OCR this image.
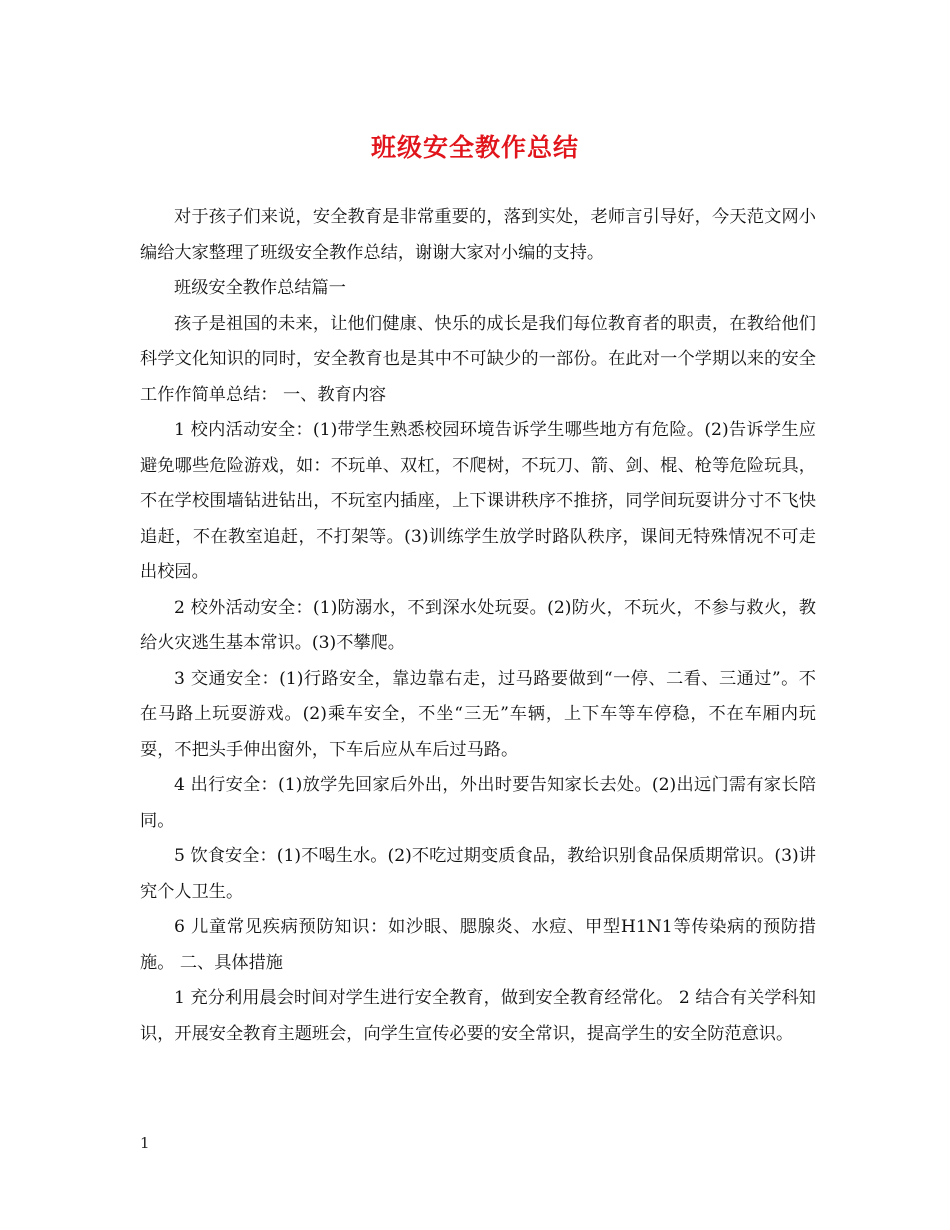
班级安全教作总结

对于孩子们来说，安全教育是非常重要的，落到实处，老师言引导好，今天范文网小编给大家整理了班级安全教作总结，谢谢大家对小编的支持。

班级安全教作总结篇一

孩子是祖国的未来，让他们健康、快乐的成长是我们每位教育者的职责，在教给他们科学文化知识的同时，安全教育也是其中不可缺少的一部份。在此对一个学期以来的安全工作作简单总结： 一、教育内容

1 校内活动安全：(1)带学生熟悉校园环境告诉学生哪些地方有危险。(2)告诉学生应避免哪些危险游戏，如：不玩单、双杠，不爬树，不玩刀、箭、剑、棍、枪等危险玩具，不在学校围墙钻进钻出，不玩室内插座，上下课讲秩序不推挤，同学间玩耍讲分寸不飞快追赶，不在教室追赶，不打架等。(3)训练学生放学时路队秩序，课间无特殊情况不可走出校园。

2 校外活动安全：(1)防溺水，不到深水处玩耍。(2)防火，不玩火，不参与救火，教给火灾逃生基本常识。(3)不攀爬。

3 交通安全：(1)行路安全，靠边靠右走，过马路要做到“一停、二看、三通过”。不在马路上玩耍游戏。(2)乘车安全，不坐“三无”车辆，上下车等车停稳，不在车厢内玩耍，不把头手伸出窗外，下车后应从车后过马路。

4 出行安全：(1)放学先回家后外出，外出时要告知家长去处。(2)出远门需有家长陪同。

5 饮食安全：(1)不喝生水。(2)不吃过期变质食品，教给识别食品保质期常识。(3)讲究个人卫生。

6 儿童常见疾病预防知识：如沙眼、腮腺炎、水痘、甲型H1N1等传染病的预防措施。 二、具体措施

1 充分利用晨会时间对学生进行安全教育，做到安全教育经常化。 2 结合有关学科知识，开展安全教育主题班会，向学生宣传必要的安全常识，提高学生的安全防范意识。

1
